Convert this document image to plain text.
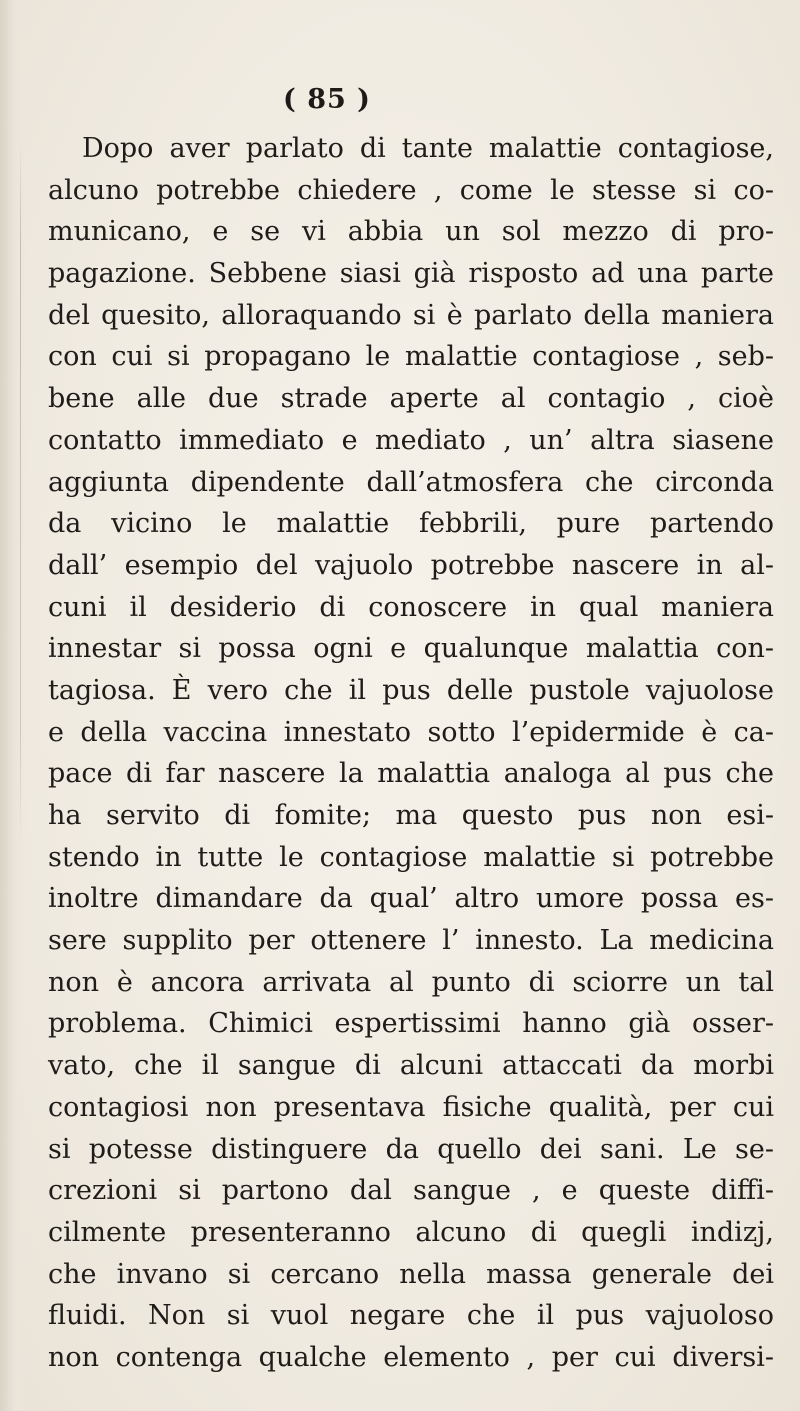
( 85 )
Dopo aver parlato di tante malattie contagiose,
alcuno potrebbe chiedere , come le stesse si co-
municano, e se vi abbia un sol mezzo di pro-
pagazione. Sebbene siasi già risposto ad una parte
del quesito, alloraquando si è parlato della maniera
con cui si propagano le malattie contagiose , seb-
bene alle due strade aperte al contagio , cioè
contatto immediato e mediato , un’ altra siasene
aggiunta dipendente dall’atmosfera che circonda
da vicino le malattie febbrili, pure partendo
dall’ esempio del vajuolo potrebbe nascere in al-
cuni il desiderio di conoscere in qual maniera
innestar si possa ogni e qualunque malattia con-
tagiosa. È vero che il pus delle pustole vajuolose
e della vaccina innestato sotto l’epidermide è ca-
pace di far nascere la malattia analoga al pus che
ha servito di fomite; ma questo pus non esi-
stendo in tutte le contagiose malattie si potrebbe
inoltre dimandare da qual’ altro umore possa es-
sere supplito per ottenere l’ innesto. La medicina
non è ancora arrivata al punto di sciorre un tal
problema. Chimici espertissimi hanno già osser-
vato, che il sangue di alcuni attaccati da morbi
contagiosi non presentava fisiche qualità, per cui
si potesse distinguere da quello dei sani. Le se-
crezioni si partono dal sangue , e queste diffi-
cilmente presenteranno alcuno di quegli indizj,
che invano si cercano nella massa generale dei
fluidi. Non si vuol negare che il pus vajuoloso
non contenga qualche elemento , per cui diversi-
